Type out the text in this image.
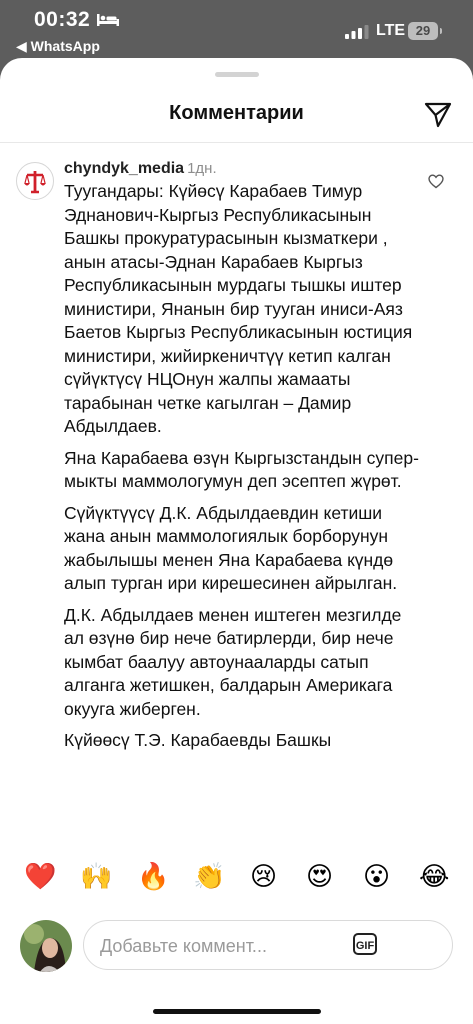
00:32
◀ WhatsApp
LTE 29
Комментарии
chyndyk_media 1дн.

Туугандары: Күйөсү Карабаев Тимур Эднанович-Кыргыз Республикасынын Башкы прокуратурасынын кызматкери , анын атасы-Эднан Карабаев Кыргыз Республикасынын мурдагы тышкы иштер министири, Янанын бир тууган иниси-Аяз Баетов Кыргыз Республикасынын юстиция министири, жийиркеничтүү кетип калган сүйүктүсү НЦОнун жалпы жамааты тарабынан четке кагылган – Дамир Абдылдаев.

Яна Карабаева өзүн Кыргызстандын супер-мыкты маммологумун деп эсептеп жүрөт.

Сүйүктүүсү Д.К. Абдылдаевдин кетиши жана анын маммологиялык борборунун жабылышы менен Яна Карабаева күндө алып турган ири кирешесинен айрылган.

Д.К. Абдылдаев менен иштеген мезгилде ал өзүнө бир нече батирлерди, бир нече кымбат баалуу автоунааларды сатып алганга жетишкен, балдарын Америкага окууга жиберген.

Күйөөсү Т.Э. Карабаевды Башкы

❤️ 🙌 🔥 👏 😢 😍 😮 😂
Добавьте коммент...
GIF
